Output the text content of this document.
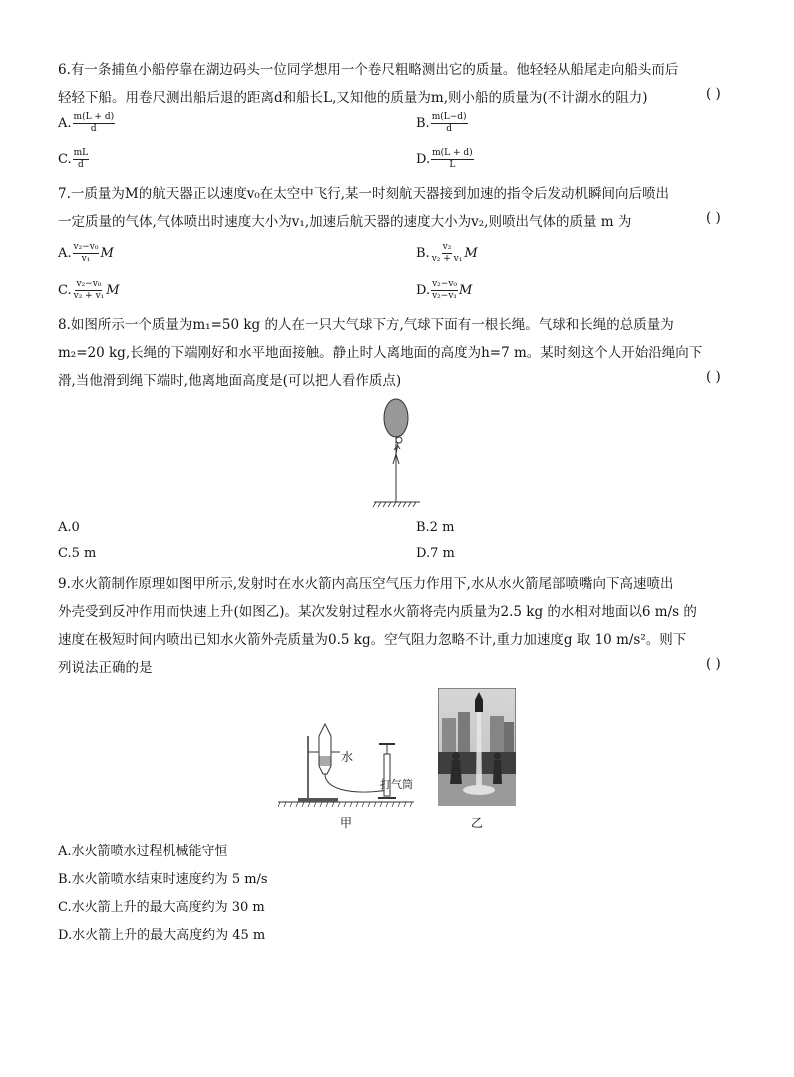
6.有一条捕鱼小船停靠在湖边码头一位同学想用一个卷尺粗略测出它的质量。他轻轻从船尾走向船头而后
轻轻下船。用卷尺测出船后退的距离d和船长L,又知他的质量为m,则小船的质量为(不计湖水的阻力)	( )
A. $\frac{m(L + d)}{d}$	B. $\frac{m(L-d)}{d}$
C. $\frac{mL}{d}$	D. $\frac{m(L + d)}{L}$
7.一质量为M的航天器正以速度v₀在太空中飞行,某一时刻航天器接到加速的指令后发动机瞬间向后喷出
一定质量的气体,气体喷出时速度大小为v₁,加速后航天器的速度大小为v₂,则喷出气体的质量 m 为	( )
A. $\frac{\text{v₂−v₀}}{\text{v₁}}$ M	B. $\frac{\text{v₂}}{\text{v₂ + v₁}}$ M
C. $\frac{\text{v₂−v₀}}{\text{v₂ + v₁}}$ M	D. $\frac{\text{v₂−v₀}}{\text{v₂−v₁}}$ M
8.如图所示一个质量为m₁=50 kg 的人在一只大气球下方,气球下面有一根长绳。气球和长绳的总质量为
m₂=20 kg,长绳的下端刚好和水平地面接触。静止时人离地面的高度为h=7 m。某时刻这个人开始沿绳向下
滑,当他滑到绳下端时,他离地面高度是(可以把人看作质点)	( )
A.0	B.2 m
C.5 m	D.7 m
9.水火箭制作原理如图甲所示,发射时在水火箭内高压空气压力作用下,水从水火箭尾部喷嘴向下高速喷出
外壳受到反冲作用而快速上升(如图乙)。某次发射过程水火箭将壳内质量为2.5 kg 的水相对地面以6 m/s 的
速度在极短时间内喷出已知水火箭外壳质量为0.5 kg。空气阻力忽略不计,重力加速度g 取 10 m/s²。则下
列说法正确的是	( )
水
打气筒
甲	乙
A.水火箭喷水过程机械能守恒
B.水火箭喷水结束时速度约为 5 m/s
C.水火箭上升的最大高度约为 30 m
D.水火箭上升的最大高度约为 45 m
